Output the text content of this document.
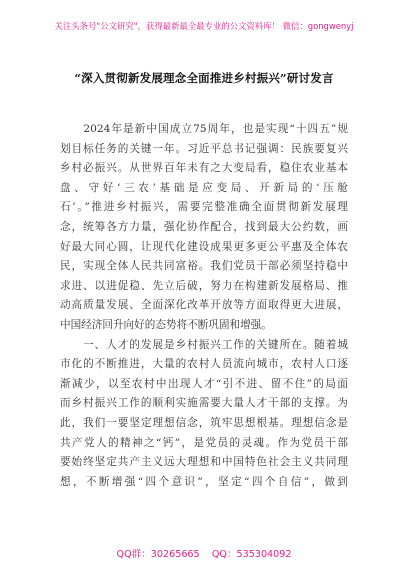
关注头条号"公文研究"，获得最新最全最专业的公文资料库！ 微信：gongwenyj
“深入贯彻新发展理念全面推进乡村振兴”研讨发言
　　2024年是新中国成立75周年，也是实现“十四五”规
划目标任务的关键一年。习近平总书记强调：民族要复兴
乡村必振兴。从世界百年未有之大变局看，稳住农业基本
盘、守好‘三农’基础是应变局、开新局的‘压舱
石’。”推进乡村振兴，需要完整准确全面贯彻新发展理
念，统筹各方力量，强化协作配合，找到最大公约数，画
好最大同心圆，让现代化建设成果更多更公平惠及全体农
民，实现全体人民共同富裕。我们党员干部必须坚持稳中
求进、以进促稳、先立后破，努力在构建新发展格局、推
动高质量发展、全面深化改革开放等方面取得更大进展，
中国经济回升向好的态势将不断巩固和增强。
　　一、人才的发展是乡村振兴工作的关键所在。随着城
市化的不断推进，大量的农村人员流向城市，农村人口逐
渐减少，以至农村中出现人才“引不进、留不住”的局面
而乡村振兴工作的顺利实施需要大量人才干部的支撑。为
此，我们一要坚定理想信念，筑牢思想根基。理想信念是
共产党人的精神之“钙”，是党员的灵魂。作为党员干部
要始终坚定共产主义远大理想和中国特色社会主义共同理
想，不断增强“四个意识”，坚定“四个自信”，做到
QQ群：30265665 QQ：535304092
